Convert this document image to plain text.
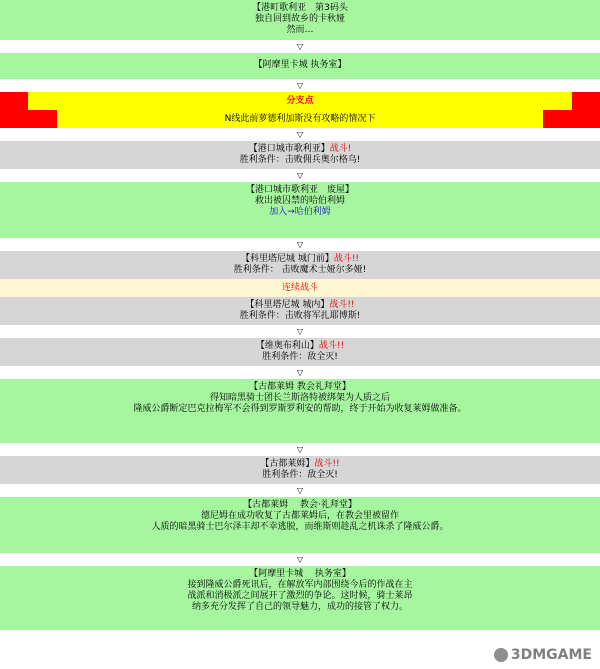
【港町歌利亚　第3码头
独自回到故乡的卡秋娅
然而…
▽
【阿摩里卡城 执务室】
▽
分支点
N线此前萝德利加斯没有攻略的情况下
▽
【港口城市歌利亚】战斗!
胜利条件：击败佣兵奥尔格乌!
▽
【港口城市歌利亚　废屋】
救出被囚禁的哈伯利姆
加入→哈伯利姆
▽
【科里塔尼城 城门前】战斗!!
胜利条件： 击败魔术士娅尔多娅!
连续战斗
【科里塔尼城 城内】战斗!!
胜利条件：击败将军扎耶博斯!
▽
【维奥布利山】战斗!!
胜利条件：敌全灭!
▽
【古都莱姆 教会礼拜堂】
得知暗黑骑士团长兰斯洛特被绑架为人质之后
隆威公爵断定巴克拉梅军不会得到罗斯罗利安的帮助，终于开始为收复莱姆做准备。
▽
【古都莱姆】战斗!!
胜利条件：敌全灭!
▽
【古都莱姆　 教会·礼拜堂】
德尼姆在成功收复了古都莱姆后，在教会里被留作
人质的暗黑骑士巴尔泽丰却不幸逃脱，而维斯则趁乱之机诛杀了隆威公爵。
▽
【阿摩里卡城　 执务室】
接到隆威公爵死讯后，在解放军内部围绕今后的作战在主
战派和消极派之间展开了激烈的争论。这时候，骑士莱昂
纳多充分发挥了自己的领导魅力，成功的接管了权力。
3DMGAME
